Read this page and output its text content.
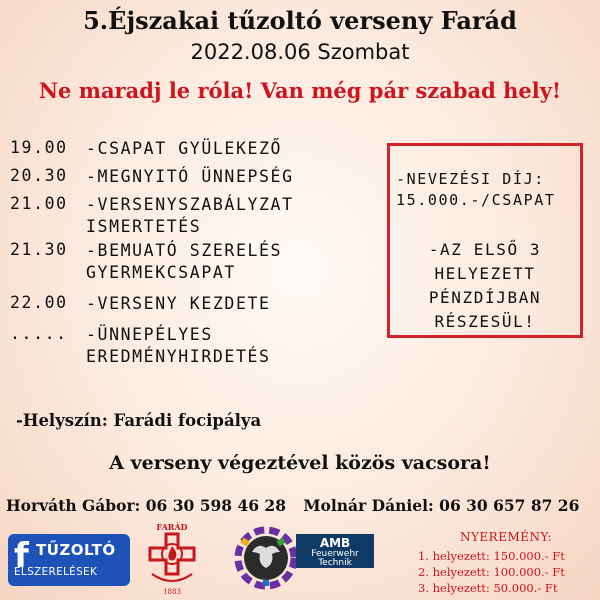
5.Éjszakai tűzoltó verseny Farád
2022.08.06 Szombat
Ne maradj le róla! Van még pár szabad hely!
19.00	-CSAPAT GYÜLEKEZŐ
20.30	-MEGNYITÓ ÜNNEPSÉG
21.00	-VERSENYSZABÁLYZAT
ISMERTETÉS
21.30	-BEMUATÓ SZERELÉS
GYERMEKCSAPAT
22.00	-VERSENY KEZDETE
.....	-ÜNNEPÉLYES
EREDMÉNYHIRDETÉS
-NEVEZÉSI DÍJ:
15.000.-/CSAPAT
-AZ ELSŐ 3
HELYEZETT
PÉNZDÍJBAN
RÉSZESÜL!
-Helyszín: Farádi focipálya
A verseny végeztével közös vacsora!
Horváth Gábor: 06 30 598 46 28 Molnár Dániel: 06 30 657 87 26
f TŰZOLTÓ
ELSZERELÉSEK
FARÁD
1883
AMB
Feuerwehr
Technik
NYEREMÉNY:
1. helyezett: 150.000.- Ft
2. helyezett: 100.000.- Ft
3. helyezett: 50.000.- Ft
